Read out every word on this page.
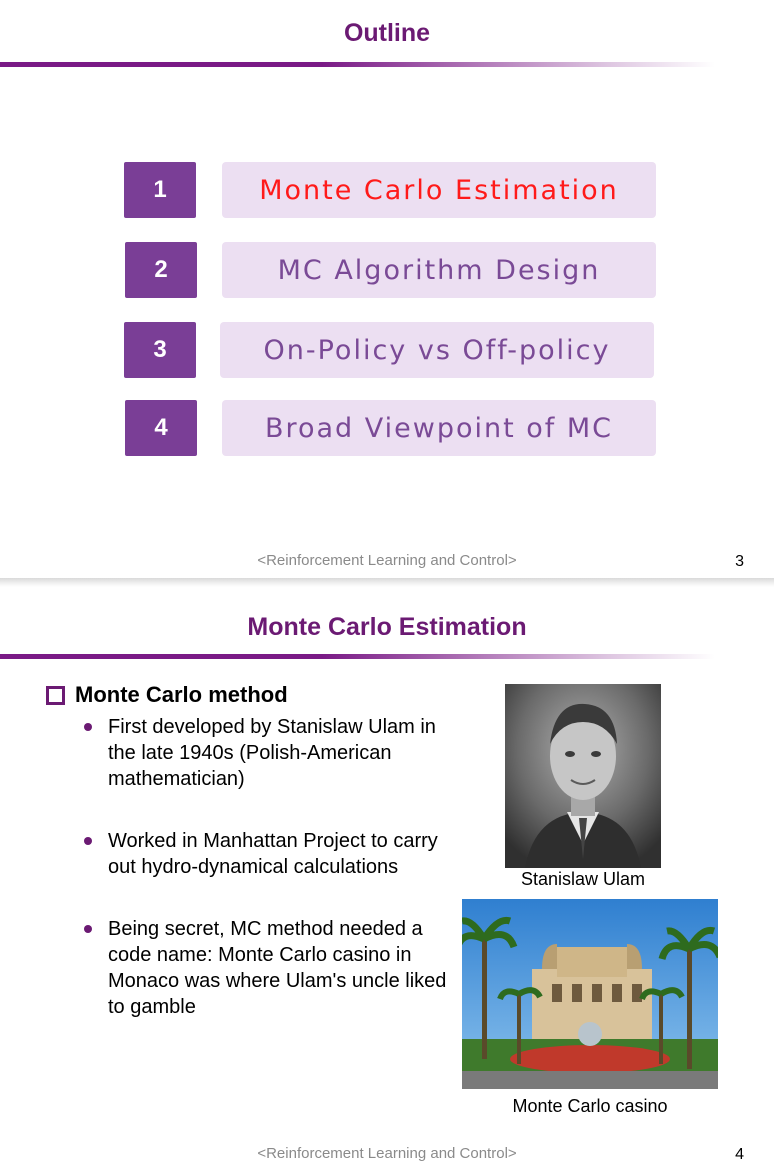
Outline
1	Monte Carlo Estimation
2	MC Algorithm Design
3	On-Policy vs Off-policy
4	Broad Viewpoint of MC
<Reinforcement Learning and Control>	3
Monte Carlo Estimation
Monte Carlo method
First developed by Stanislaw Ulam in the late 1940s (Polish-American mathematician)
Worked in Manhattan Project to carry out hydro-dynamical calculations
Being secret, MC method needed a code name: Monte Carlo casino in Monaco was where Ulam's uncle liked to gamble
Stanislaw Ulam
Monte Carlo casino
<Reinforcement Learning and Control>	4
